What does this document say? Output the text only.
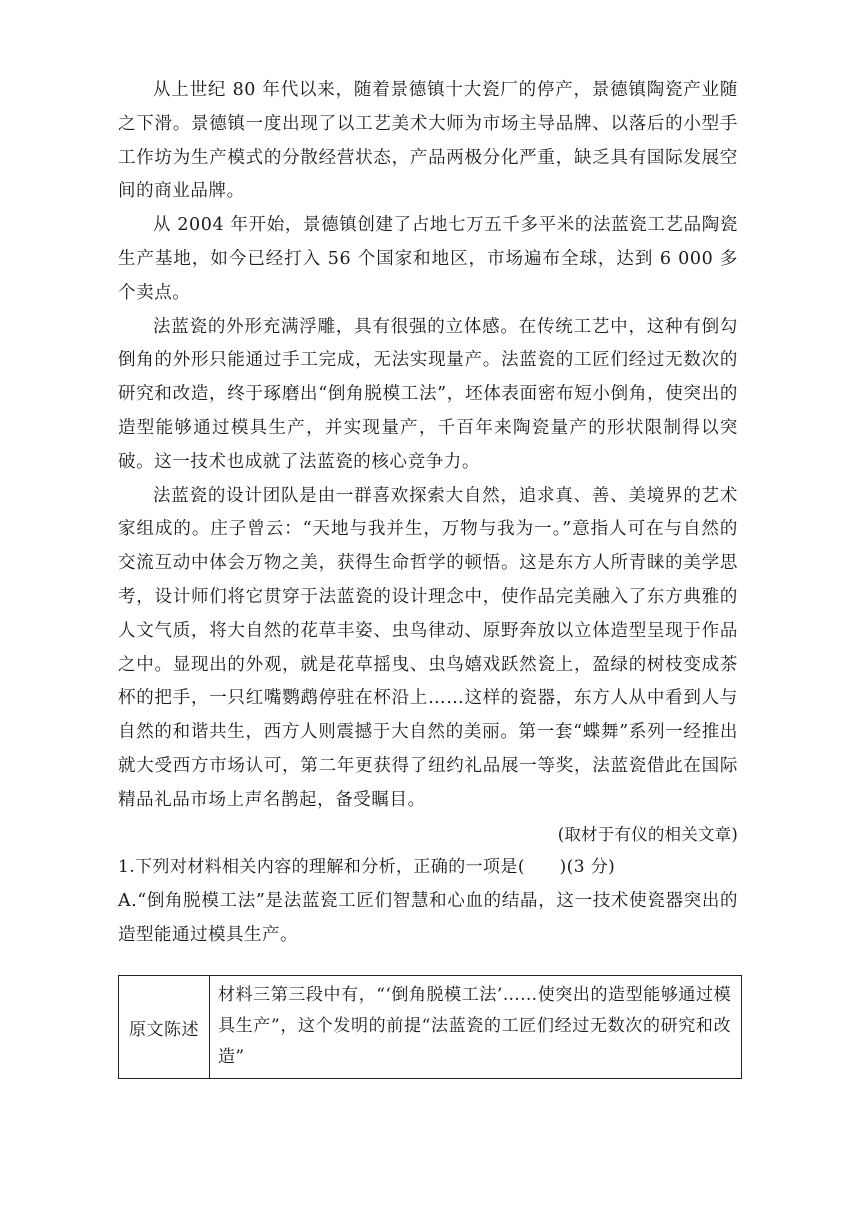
从上世纪 80 年代以来，随着景德镇十大瓷厂的停产，景德镇陶瓷产业随之下滑。景德镇一度出现了以工艺美术大师为市场主导品牌、以落后的小型手工作坊为生产模式的分散经营状态，产品两极分化严重，缺乏具有国际发展空间的商业品牌。

从 2004 年开始，景德镇创建了占地七万五千多平米的法蓝瓷工艺品陶瓷生产基地，如今已经打入 56 个国家和地区，市场遍布全球，达到 6 000 多个卖点。

法蓝瓷的外形充满浮雕，具有很强的立体感。在传统工艺中，这种有倒勾倒角的外形只能通过手工完成，无法实现量产。法蓝瓷的工匠们经过无数次的研究和改造，终于琢磨出“倒角脱模工法”，坯体表面密布短小倒角，使突出的造型能够通过模具生产，并实现量产，千百年来陶瓷量产的形状限制得以突破。这一技术也成就了法蓝瓷的核心竞争力。

法蓝瓷的设计团队是由一群喜欢探索大自然，追求真、善、美境界的艺术家组成的。庄子曾云：“天地与我并生，万物与我为一。”意指人可在与自然的交流互动中体会万物之美，获得生命哲学的顿悟。这是东方人所青睐的美学思考，设计师们将它贯穿于法蓝瓷的设计理念中，使作品完美融入了东方典雅的人文气质，将大自然的花草丰姿、虫鸟律动、原野奔放以立体造型呈现于作品之中。显现出的外观，就是花草摇曳、虫鸟嬉戏跃然瓷上，盈绿的树枝变成茶杯的把手，一只红嘴鹦鹉停驻在杯沿上……这样的瓷器，东方人从中看到人与自然的和谐共生，西方人则震撼于大自然的美丽。第一套“蝶舞”系列一经推出就大受西方市场认可，第二年更获得了纽约礼品展一等奖，法蓝瓷借此在国际精品礼品市场上声名鹊起，备受瞩目。

(取材于有仪的相关文章)

1.下列对材料相关内容的理解和分析，正确的一项是(　　)(3 分)

A.“倒角脱模工法”是法蓝瓷工匠们智慧和心血的结晶，这一技术使瓷器突出的造型能通过模具生产。

原文陈述	材料三第三段中有，“‘倒角脱模工法’……使突出的造型能够通过模具生产”，这个发明的前提“法蓝瓷的工匠们经过无数次的研究和改造”
